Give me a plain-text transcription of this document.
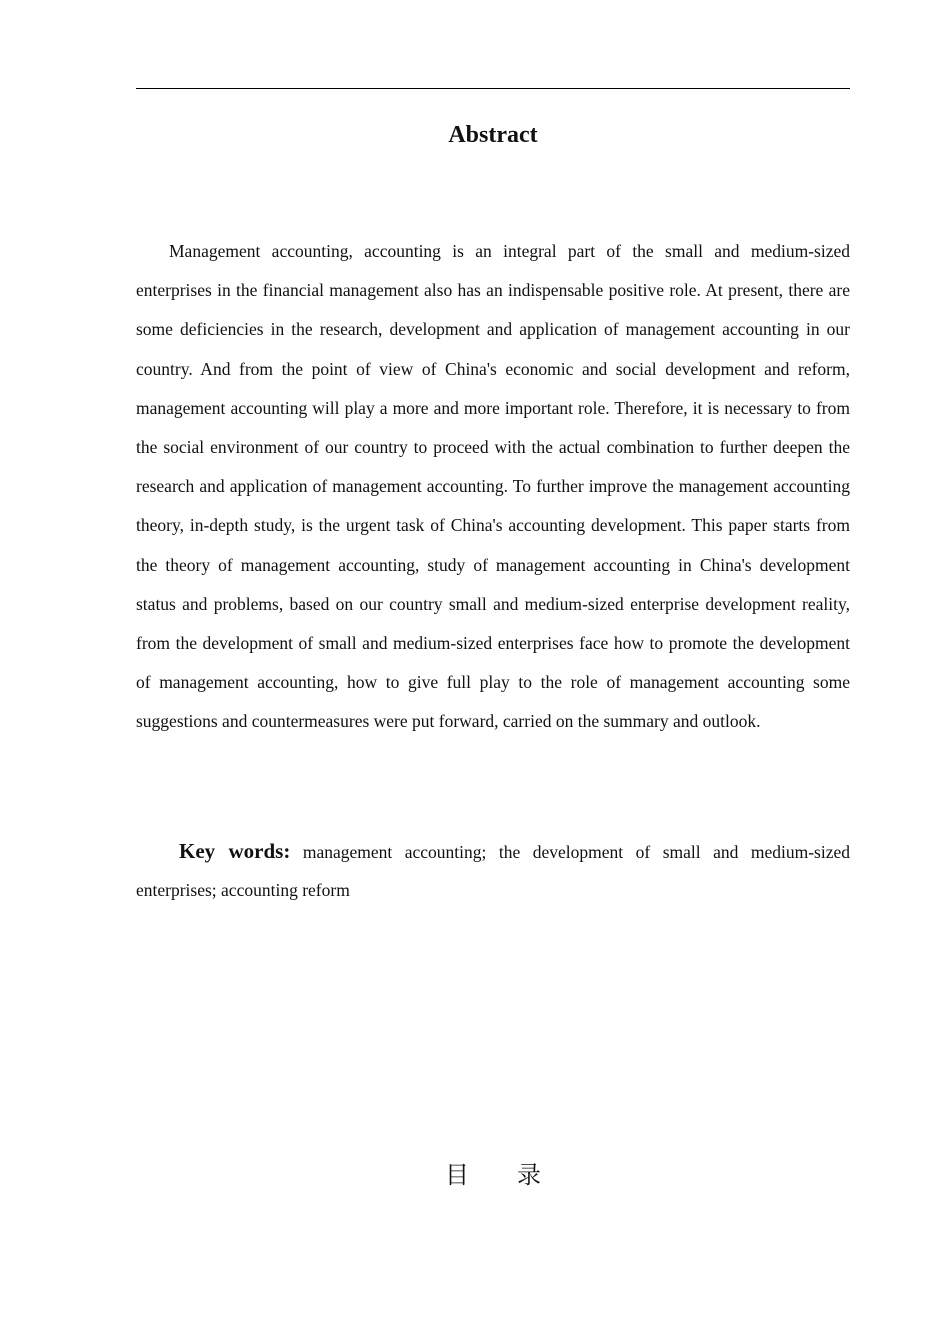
Abstract

Management accounting, accounting is an integral part of the small and medium-sized enterprises in the financial management also has an indispensable positive role. At present, there are some deficiencies in the research, development and application of management accounting in our country. And from the point of view of China's economic and social development and reform, management accounting will play a more and more important role. Therefore, it is necessary to from the social environment of our country to proceed with the actual combination to further deepen the research and application of management accounting. To further improve the management accounting theory, in-depth study, is the urgent task of China's accounting development. This paper starts from the theory of management accounting, study of management accounting in China's development status and problems, based on our country small and medium-sized enterprise development reality, from the development of small and medium-sized enterprises face how to promote the development of management accounting, how to give full play to the role of management accounting some suggestions and countermeasures were put forward, carried on the summary and outlook.

Key words: management accounting; the development of small and medium-sized enterprises; accounting reform

目 录
